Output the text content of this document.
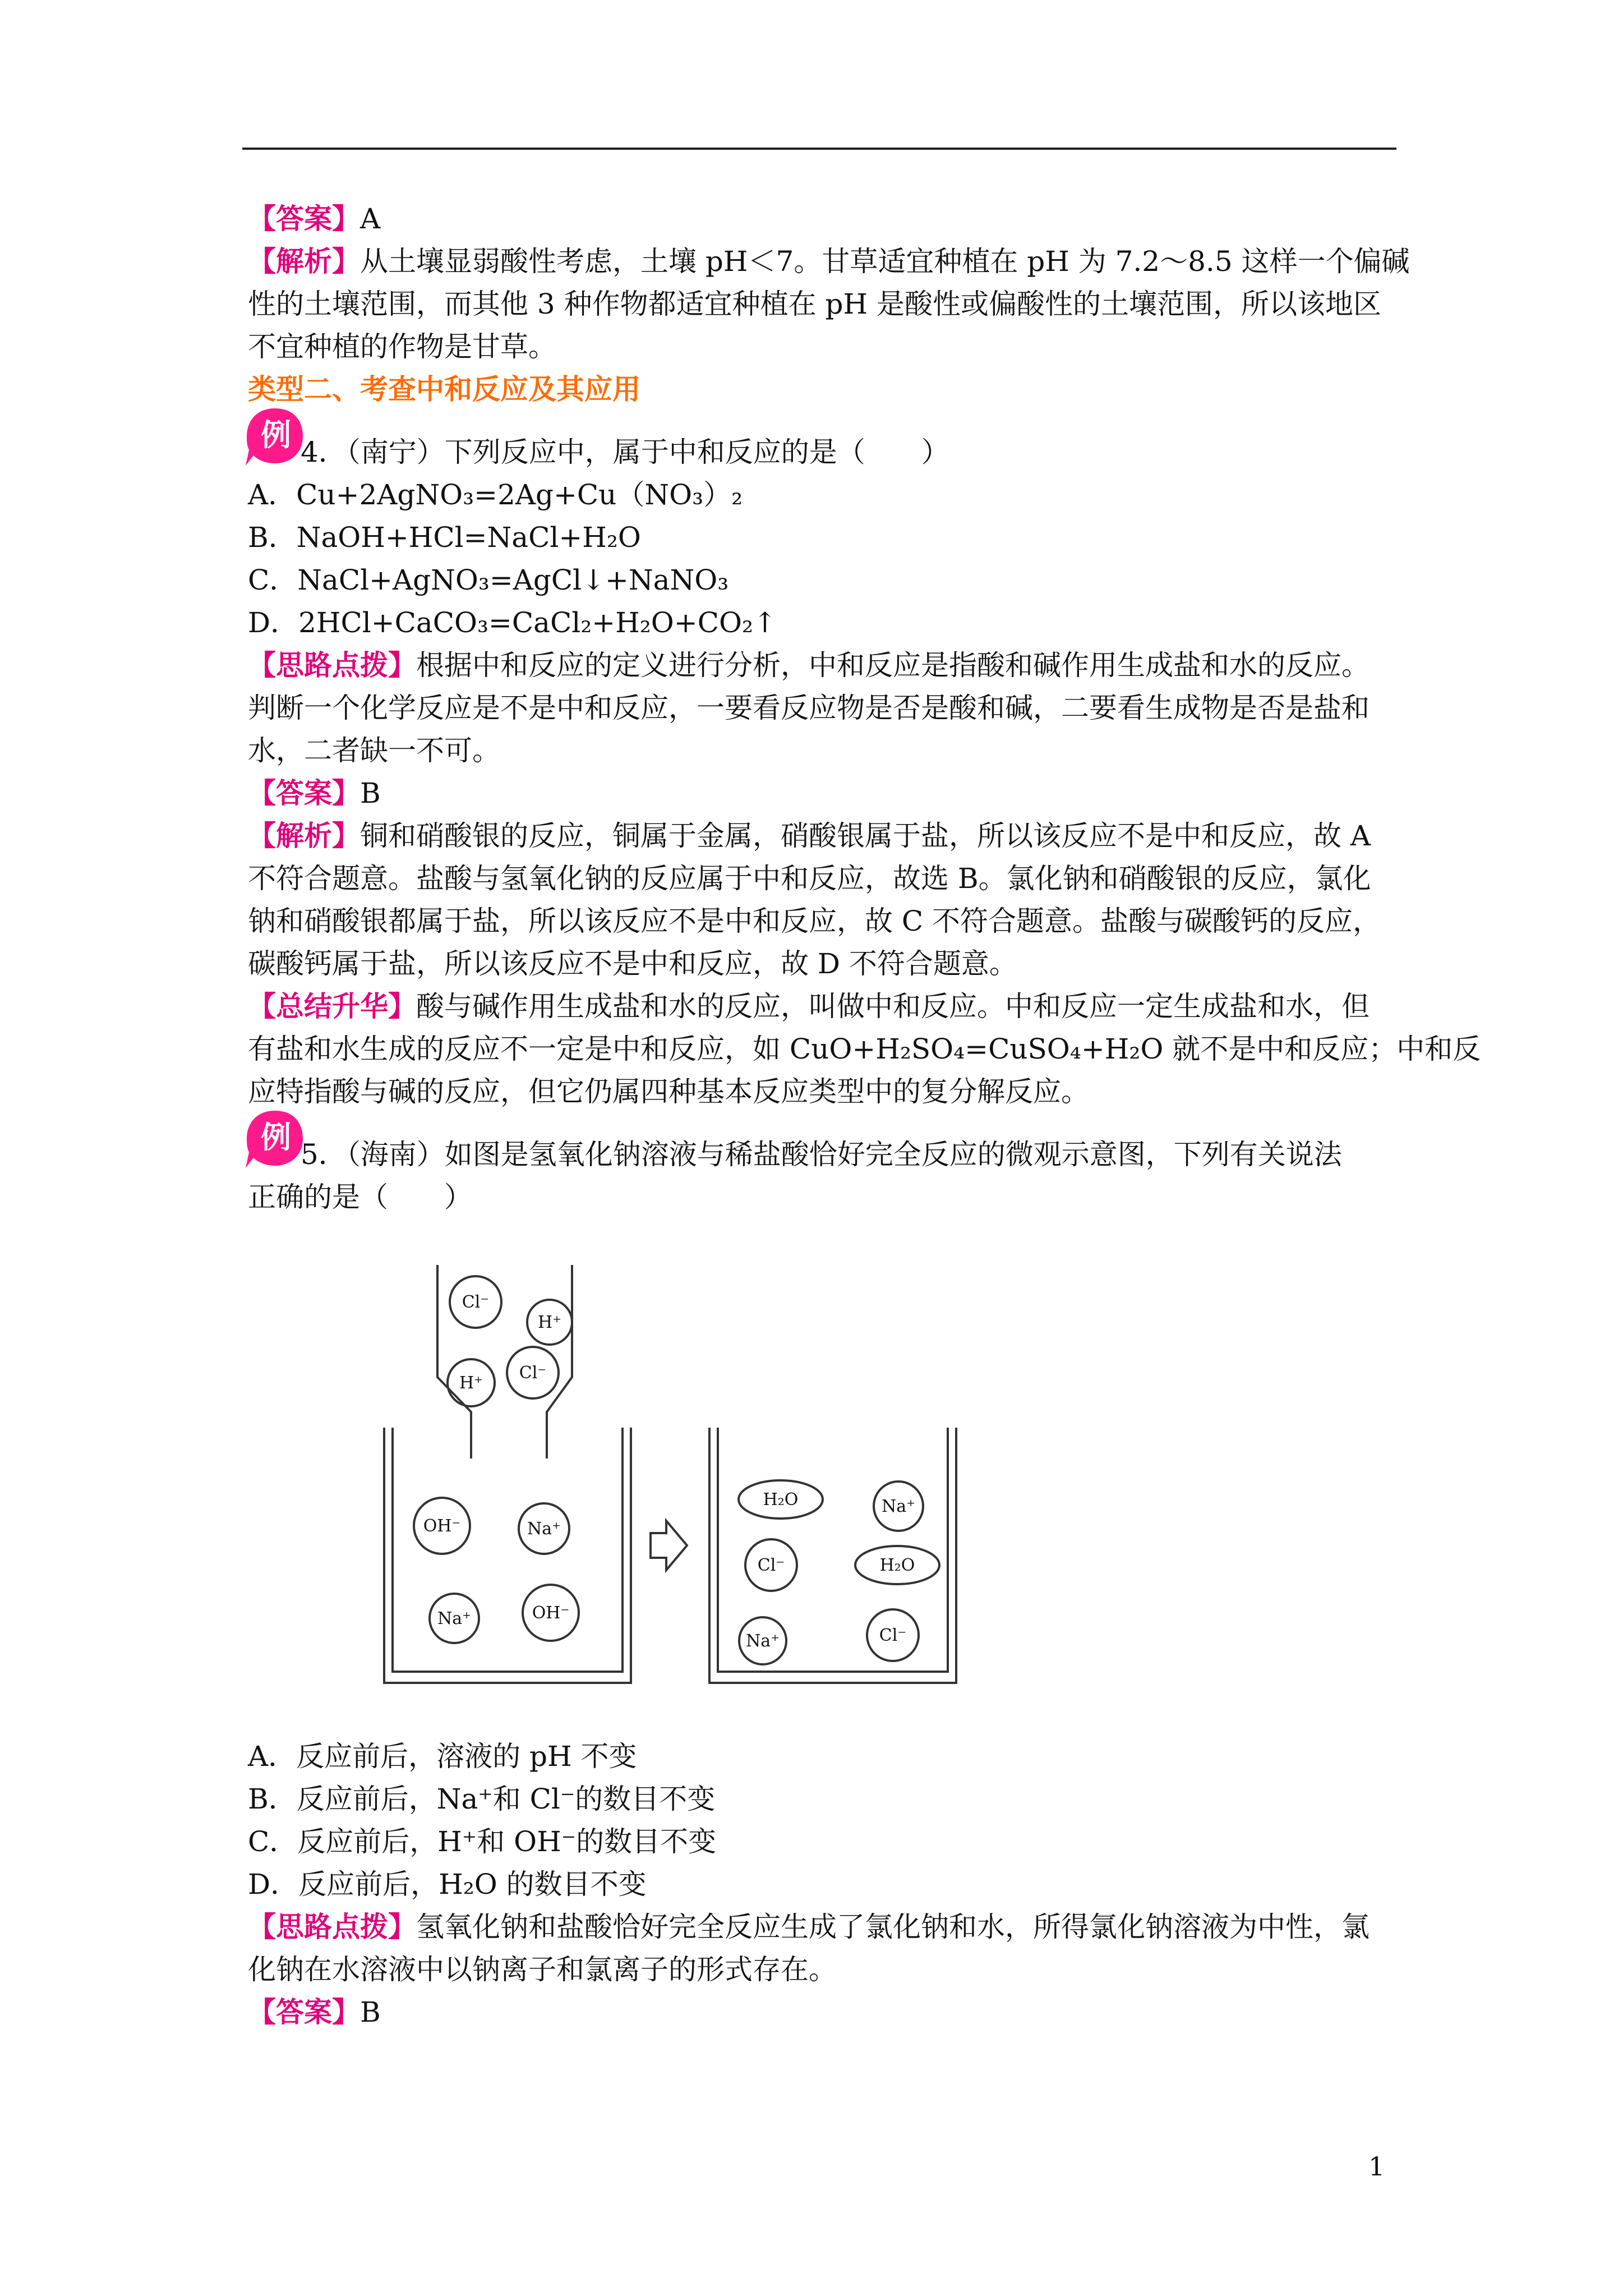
【答案】A
【解析】从土壤显弱酸性考虑，土壤 pH＜7。甘草适宜种植在 pH 为 7.2～8.5 这样一个偏碱
性的土壤范围，而其他 3 种作物都适宜种植在 pH 是酸性或偏酸性的土壤范围，所以该地区
不宜种植的作物是甘草。
类型二、考查中和反应及其应用
例 4．（南宁）下列反应中，属于中和反应的是（　　）
A．Cu+2AgNO₃=2Ag+Cu（NO₃）₂
B．NaOH+HCl=NaCl+H₂O
C．NaCl+AgNO₃=AgCl↓+NaNO₃
D．2HCl+CaCO₃=CaCl₂+H₂O+CO₂↑
【思路点拨】根据中和反应的定义进行分析，中和反应是指酸和碱作用生成盐和水的反应。
判断一个化学反应是不是中和反应，一要看反应物是否是酸和碱，二要看生成物是否是盐和
水，二者缺一不可。
【答案】B
【解析】铜和硝酸银的反应，铜属于金属，硝酸银属于盐，所以该反应不是中和反应，故 A
不符合题意。盐酸与氢氧化钠的反应属于中和反应，故选 B。氯化钠和硝酸银的反应，氯化
钠和硝酸银都属于盐，所以该反应不是中和反应，故 C 不符合题意。盐酸与碳酸钙的反应，
碳酸钙属于盐，所以该反应不是中和反应，故 D 不符合题意。
【总结升华】酸与碱作用生成盐和水的反应，叫做中和反应。中和反应一定生成盐和水，但
有盐和水生成的反应不一定是中和反应，如 CuO+H₂SO₄=CuSO₄+H₂O 就不是中和反应；中和反
应特指酸与碱的反应，但它仍属四种基本反应类型中的复分解反应。
例 5．（海南）如图是氢氧化钠溶液与稀盐酸恰好完全反应的微观示意图，下列有关说法
正确的是（　　）
Cl⁻
H⁺
H⁺
Cl⁻
OH⁻	Na⁺
Na⁺	OH⁻
H₂O	Na⁺
Cl⁻	H₂O
Na⁺	Cl⁻
A．反应前后，溶液的 pH 不变
B．反应前后，Na⁺和 Cl⁻的数目不变
C．反应前后，H⁺和 OH⁻的数目不变
D．反应前后，H₂O 的数目不变
【思路点拨】氢氧化钠和盐酸恰好完全反应生成了氯化钠和水，所得氯化钠溶液为中性，氯
化钠在水溶液中以钠离子和氯离子的形式存在。
【答案】B
1
